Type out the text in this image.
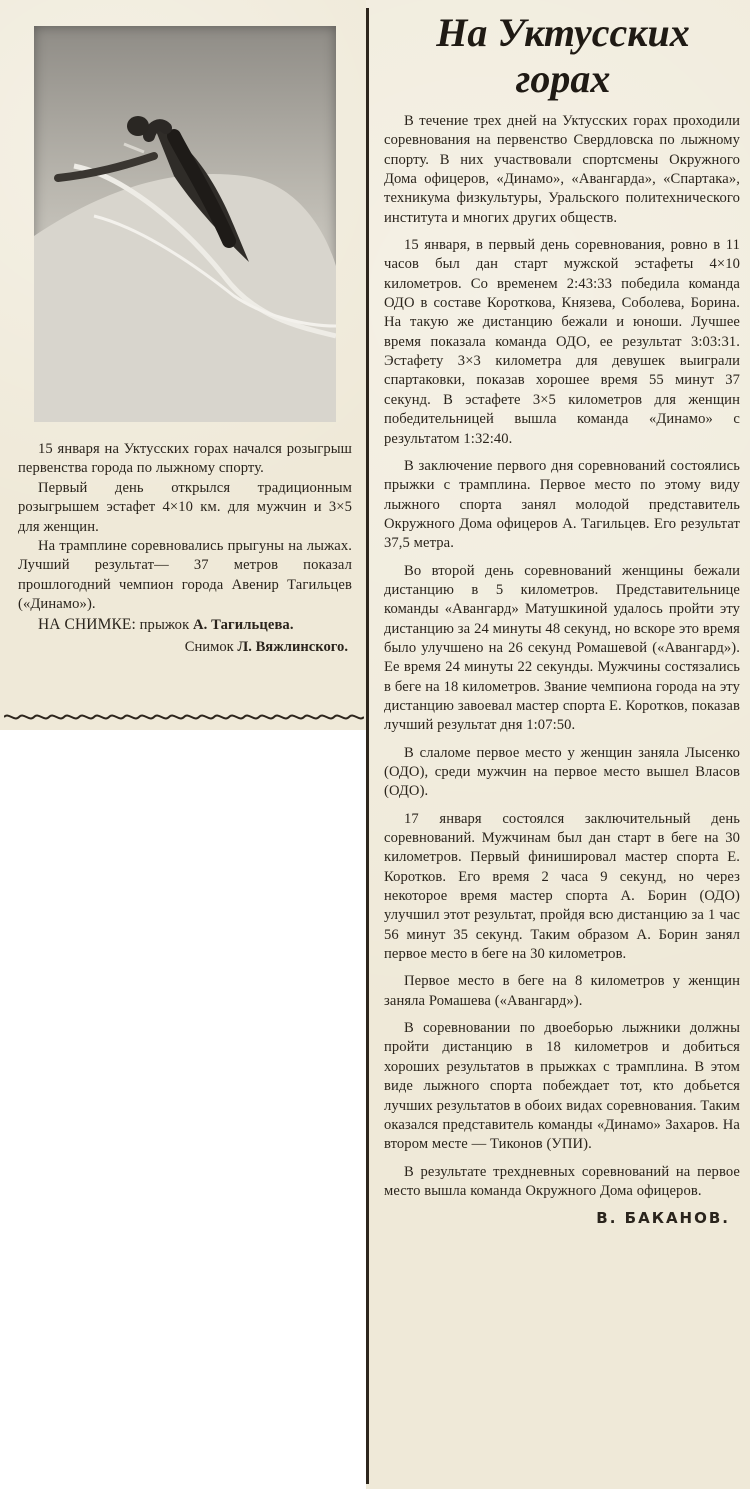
15 января на Уктусских горах начался розыгрыш первенства города по лыжному спорту.

Первый день открылся традиционным розыгрышем эстафет 4×10 км. для мужчин и 3×5 для женщин.

На трамплине соревновались прыгуны на лыжах. Лучший результат— 37 метров показал прошлогодний чемпион города Авенир Тагильцев («Динамо»).

НА СНИМКЕ: прыжок А. Тагильцева.

Снимок Л. Вяжлинского.

На Уктусских горах

В течение трех дней на Уктусских горах проходили соревнования на первенство Свердловска по лыжному спорту. В них участвовали спортсмены Окружного Дома офицеров, «Динамо», «Авангарда», «Спартака», техникума физкультуры, Уральского политехнического института и многих других обществ.

15 января, в первый день соревнования, ровно в 11 часов был дан старт мужской эстафеты 4×10 километров. Со временем 2:43:33 победила команда ОДО в составе Короткова, Князева, Соболева, Борина. На такую же дистанцию бежали и юноши. Лучшее время показала команда ОДО, ее результат 3:03:31. Эстафету 3×3 километра для девушек выиграли спартаковки, показав хорошее время 55 минут 37 секунд. В эстафете 3×5 километров для женщин победительницей вышла команда «Динамо» с результатом 1:32:40.

В заключение первого дня соревнований состоялись прыжки с трамплина. Первое место по этому виду лыжного спорта занял молодой представитель Окружного Дома офицеров А. Тагильцев. Его результат 37,5 метра.

Во второй день соревнований женщины бежали дистанцию в 5 километров. Представительнице команды «Авангард» Матушкиной удалось пройти эту дистанцию за 24 минуты 48 секунд, но вскоре это время было улучшено на 26 секунд Ромашевой («Авангард»). Ее время 24 минуты 22 секунды. Мужчины состязались в беге на 18 километров. Звание чемпиона города на эту дистанцию завоевал мастер спорта Е. Коротков, показав лучший результат дня 1:07:50.

В слаломе первое место у женщин заняла Лысенко (ОДО), среди мужчин на первое место вышел Власов (ОДО).

17 января состоялся заключительный день соревнований. Мужчинам был дан старт в беге на 30 километров. Первый финишировал мастер спорта Е. Коротков. Его время 2 часа 9 секунд, но через некоторое время мастер спорта А. Борин (ОДО) улучшил этот результат, пройдя всю дистанцию за 1 час 56 минут 35 секунд. Таким образом А. Борин занял первое место в беге на 30 километров.

Первое место в беге на 8 километров у женщин заняла Ромашева («Авангард»).

В соревновании по двоеборью лыжники должны пройти дистанцию в 18 километров и добиться хороших результатов в прыжках с трамплина. В этом виде лыжного спорта побеждает тот, кто добьется лучших результатов в обоих видах соревнования. Таким оказался представитель команды «Динамо» Захаров. На втором месте — Тиконов (УПИ).

В результате трехдневных соревнований на первое место вышла команда Окружного Дома офицеров.

В. БАКАНОВ.
